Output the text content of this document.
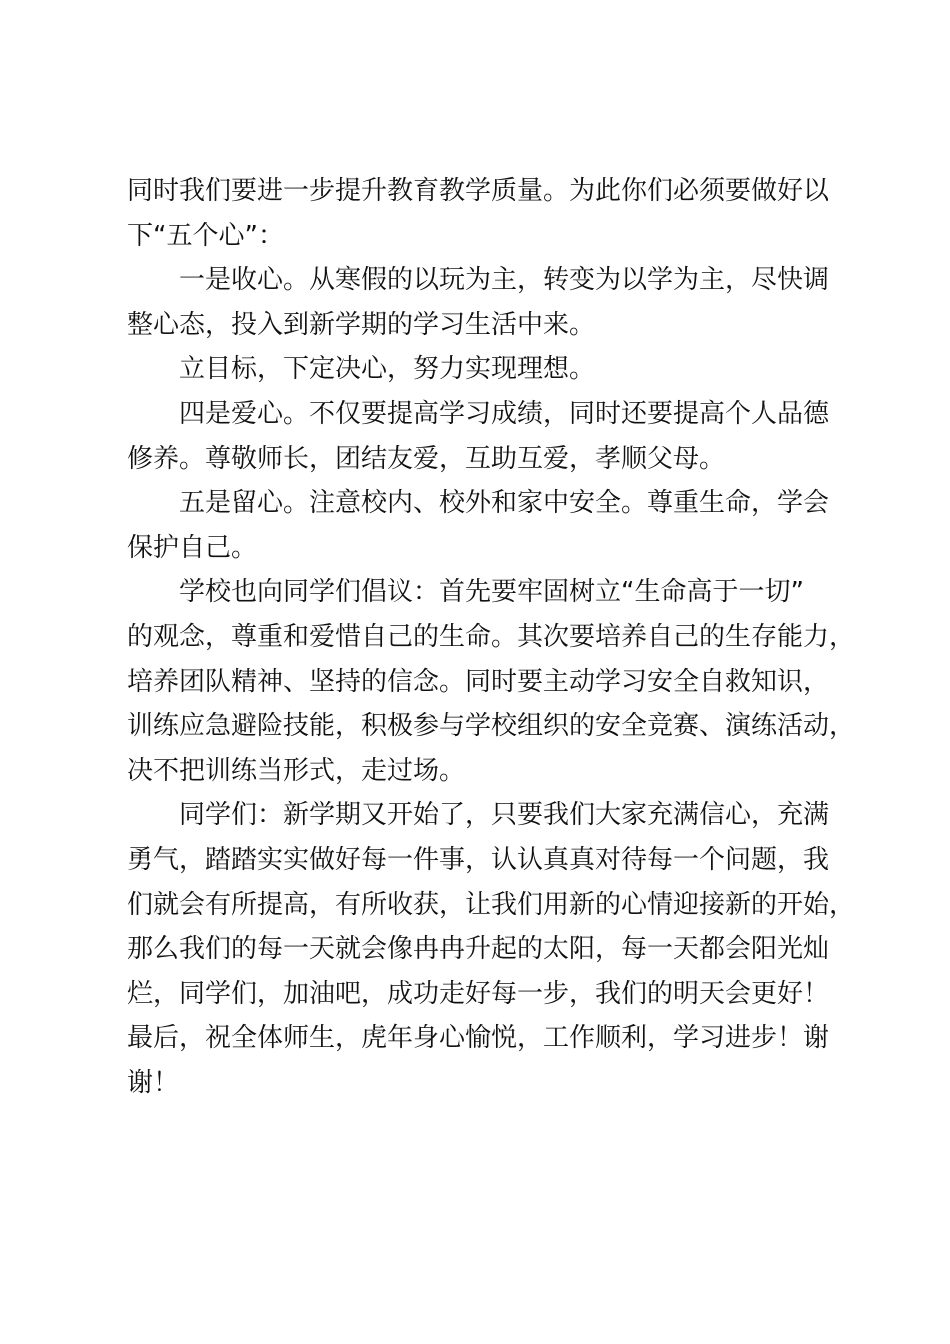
同时我们要进一步提升教育教学质量。为此你们必须要做好以
下“五个心”：
一是收心。从寒假的以玩为主，转变为以学为主，尽快调
整心态，投入到新学期的学习生活中来。
立目标，下定决心，努力实现理想。
四是爱心。不仅要提高学习成绩，同时还要提高个人品德
修养。尊敬师长，团结友爱，互助互爱，孝顺父母。
五是留心。注意校内、校外和家中安全。尊重生命，学会
保护自己。
学校也向同学们倡议：首先要牢固树立“生命高于一切”
的观念，尊重和爱惜自己的生命。其次要培养自己的生存能力，
培养团队精神、坚持的信念。同时要主动学习安全自救知识，
训练应急避险技能，积极参与学校组织的安全竞赛、演练活动，
决不把训练当形式，走过场。
同学们：新学期又开始了，只要我们大家充满信心，充满
勇气，踏踏实实做好每一件事，认认真真对待每一个问题，我
们就会有所提高，有所收获，让我们用新的心情迎接新的开始，
那么我们的每一天就会像冉冉升起的太阳，每一天都会阳光灿
烂，同学们，加油吧，成功走好每一步，我们的明天会更好！
最后，祝全体师生，虎年身心愉悦，工作顺利，学习进步！谢
谢！
